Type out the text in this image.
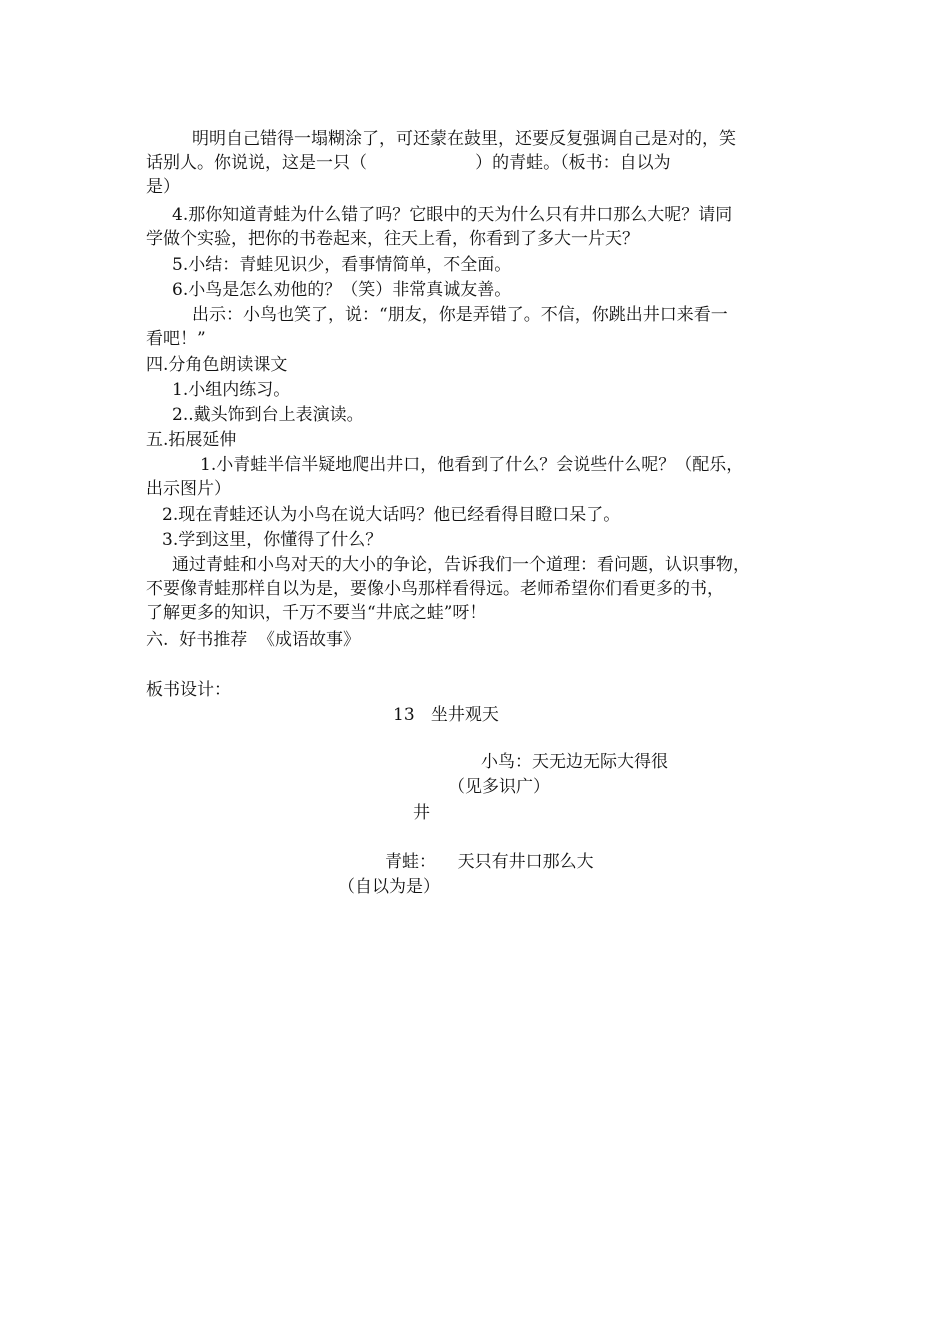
明明自己错得一塌糊涂了，可还蒙在鼓里，还要反复强调自己是对的，笑

话别人。你说说，这是一只（                    ）的青蛙。（板书：自以为

是）

4.那你知道青蛙为什么错了吗？它眼中的天为什么只有井口那么大呢？请同

学做个实验，把你的书卷起来，往天上看，你看到了多大一片天？

5.小结：青蛙见识少，看事情简单，不全面。

6.小鸟是怎么劝他的？（笑）非常真诚友善。

出示：小鸟也笑了，说：“朋友，你是弄错了。不信，你跳出井口来看一

看吧！”

四.分角色朗读课文

1.小组内练习。

2..戴头饰到台上表演读。

五.拓展延伸

1.小青蛙半信半疑地爬出井口，他看到了什么？会说些什么呢？（配乐，

出示图片）

2.现在青蛙还认为小鸟在说大话吗？他已经看得目瞪口呆了。

3.学到这里，你懂得了什么？

通过青蛙和小鸟对天的大小的争论，告诉我们一个道理：看问题，认识事物，

不要像青蛙那样自以为是，要像小鸟那样看得远。老师希望你们看更多的书，

了解更多的知识，千万不要当“井底之蛙”呀！

六.  好书推荐  《成语故事》

板书设计：

13   坐井观天
小鸟：天无边无际大得很
（见多识广）
井
青蛙：    天只有井口那么大
（自以为是）
